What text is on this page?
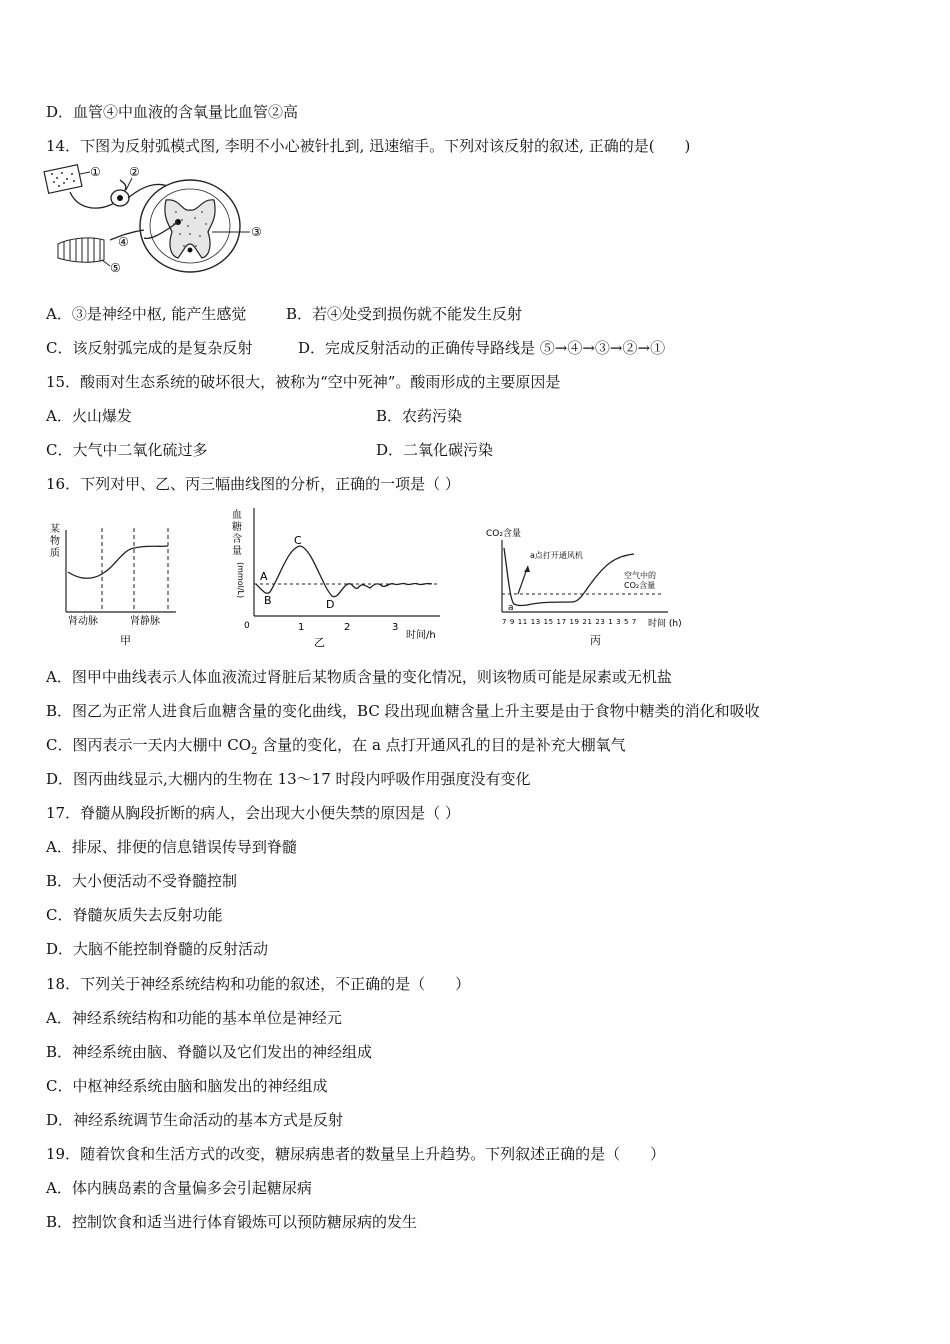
D．血管④中血液的含氧量比血管②高
14．下图为反射弧模式图, 李明不小心被针扎到, 迅速缩手。下列对该反射的叙述, 正确的是(　　)
① ②
③
④
⑤
A．③是神经中枢, 能产生感觉	B．若④处受到损伤就不能发生反射
C．该反射弧完成的是复杂反射	D．完成反射活动的正确传导路线是 ⑤→④→③→②→①
15．酸雨对生态系统的破坏很大，被称为“空中死神”。酸雨形成的主要原因是
A．火山爆发	B．农药污染
C．大气中二氧化硫过多	D．二氧化碳污染
16．下列对甲、乙、丙三幅曲线图的分析，正确的一项是（ ）
某
物
质
肾动脉	肾静脉
甲
血
糖
含
量
(mmol/L) A
B
C
D
0	1	2	3
时间/h
乙
CO₂含量
a点打开通风机
a
空气中的
CO₂含量
7 9 11 13 15 17 19 21 23 1 3 5 7 时间 (h)
丙
A．图甲中曲线表示人体血液流过肾脏后某物质含量的变化情况，则该物质可能是尿素或无机盐
B．图乙为正常人进食后血糖含量的变化曲线，BC 段出现血糖含量上升主要是由于食物中糖类的消化和吸收
C．图丙表示一天内大棚中 $CO_2$ 含量的变化，在 a 点打开通风孔的目的是补充大棚氧气
D．图丙曲线显示,大棚内的生物在 13～17 时段内呼吸作用强度没有变化
17．脊髓从胸段折断的病人，会出现大小便失禁的原因是（ ）
A．排尿、排便的信息错误传导到脊髓
B．大小便活动不受脊髓控制
C．脊髓灰质失去反射功能
D．大脑不能控制脊髓的反射活动
18．下列关于神经系统结构和功能的叙述，不正确的是（　　）
A．神经系统结构和功能的基本单位是神经元
B．神经系统由脑、脊髓以及它们发出的神经组成
C．中枢神经系统由脑和脑发出的神经组成
D．神经系统调节生命活动的基本方式是反射
19．随着饮食和生活方式的改变，糖尿病患者的数量呈上升趋势。下列叙述正确的是（　　）
A．体内胰岛素的含量偏多会引起糖尿病
B．控制饮食和适当进行体育锻炼可以预防糖尿病的发生
